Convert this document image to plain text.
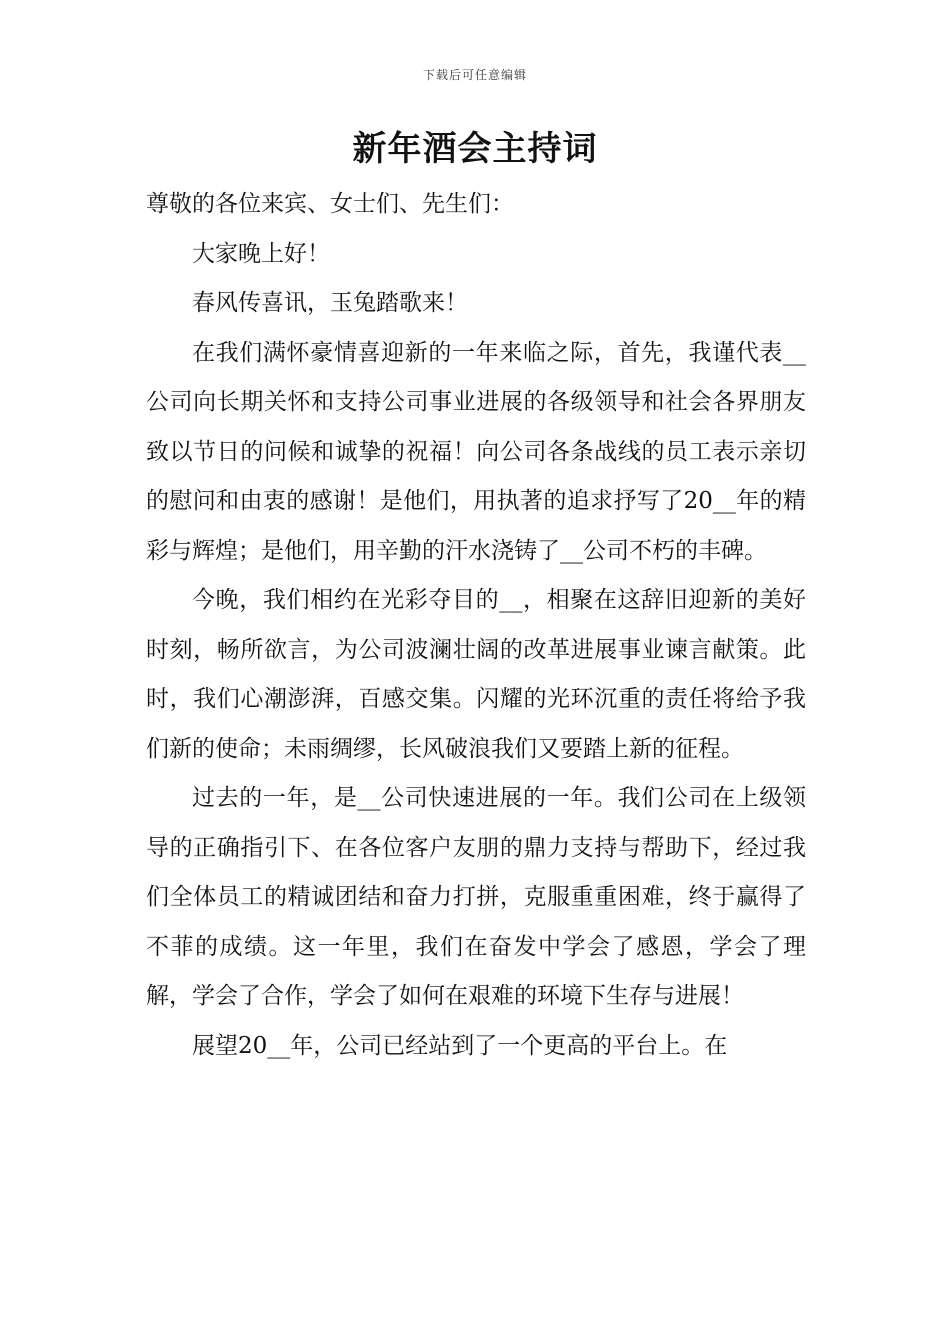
下载后可任意编辑
新年酒会主持词

尊敬的各位来宾、女士们、先生们：

大家晚上好！

春风传喜讯，玉兔踏歌来！

在我们满怀豪情喜迎新的一年来临之际，首先，我谨代表__公司向长期关怀和支持公司事业进展的各级领导和社会各界朋友致以节日的问候和诚挚的祝福！向公司各条战线的员工表示亲切的慰问和由衷的感谢！是他们，用执著的追求抒写了20__年的精彩与辉煌；是他们，用辛勤的汗水浇铸了__公司不朽的丰碑。

今晚，我们相约在光彩夺目的__，相聚在这辞旧迎新的美好时刻，畅所欲言，为公司波澜壮阔的改革进展事业谏言献策。此时，我们心潮澎湃，百感交集。闪耀的光环沉重的责任将给予我们新的使命；未雨绸缪，长风破浪我们又要踏上新的征程。

过去的一年，是__公司快速进展的一年。我们公司在上级领导的正确指引下、在各位客户友朋的鼎力支持与帮助下，经过我们全体员工的精诚团结和奋力打拼，克服重重困难，终于赢得了不菲的成绩。这一年里，我们在奋发中学会了感恩，学会了理解，学会了合作，学会了如何在艰难的环境下生存与进展！

展望20__年，公司已经站到了一个更高的平台上。在
